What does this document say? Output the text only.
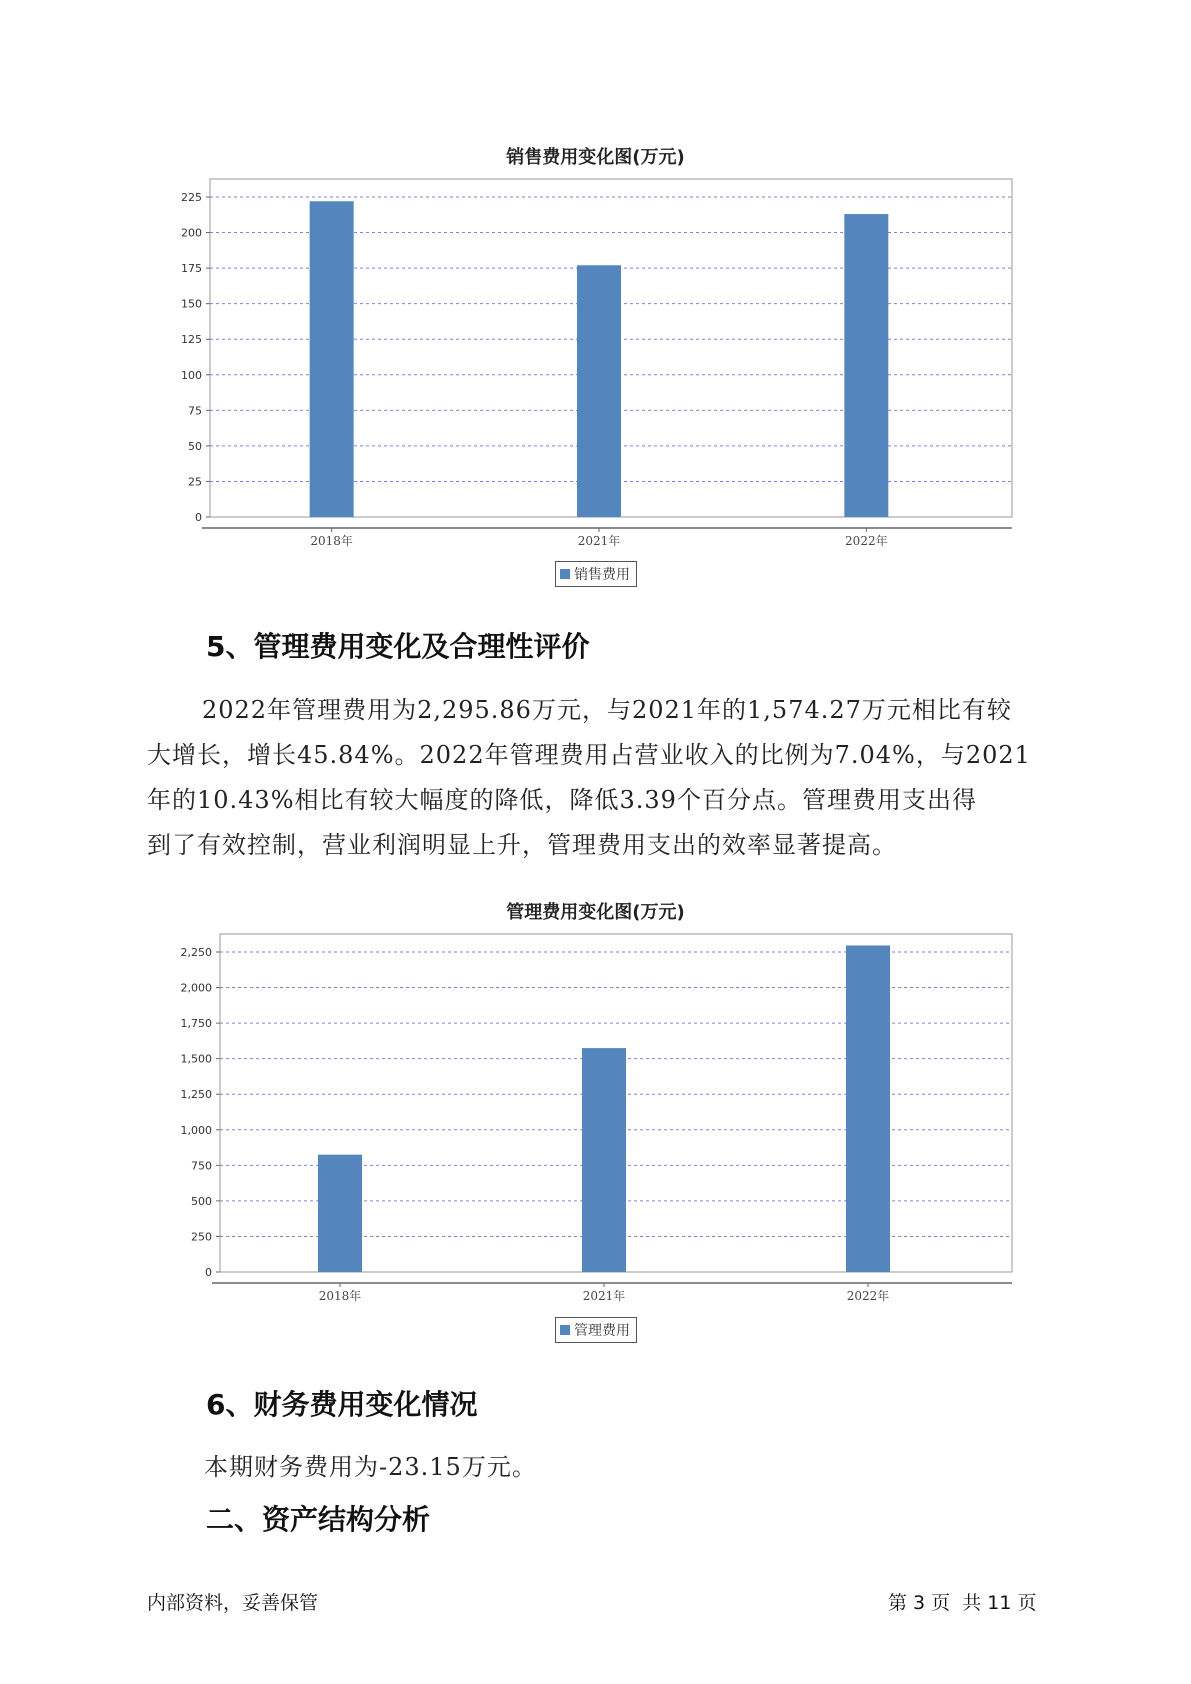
销售费用变化图(万元)
0
25
50
75
100
125
150
175
200
225
2018年	2021年	2022年
销售费用
5、管理费用变化及合理性评价
2022年管理费用为2,295.86万元，与2021年的1,574.27万元相比有较
大增长，增长45.84%。2022年管理费用占营业收入的比例为7.04%，与2021
年的10.43%相比有较大幅度的降低，降低3.39个百分点。管理费用支出得
到了有效控制，营业利润明显上升，管理费用支出的效率显著提高。
管理费用变化图(万元)
0
250
500
750
1,000
1,250
1,500
1,750
2,000
2,250
2018年	2021年	2022年
管理费用
6、财务费用变化情况
本期财务费用为-23.15万元。
二、资产结构分析
内部资料，妥善保管	第 3 页  共 11 页
